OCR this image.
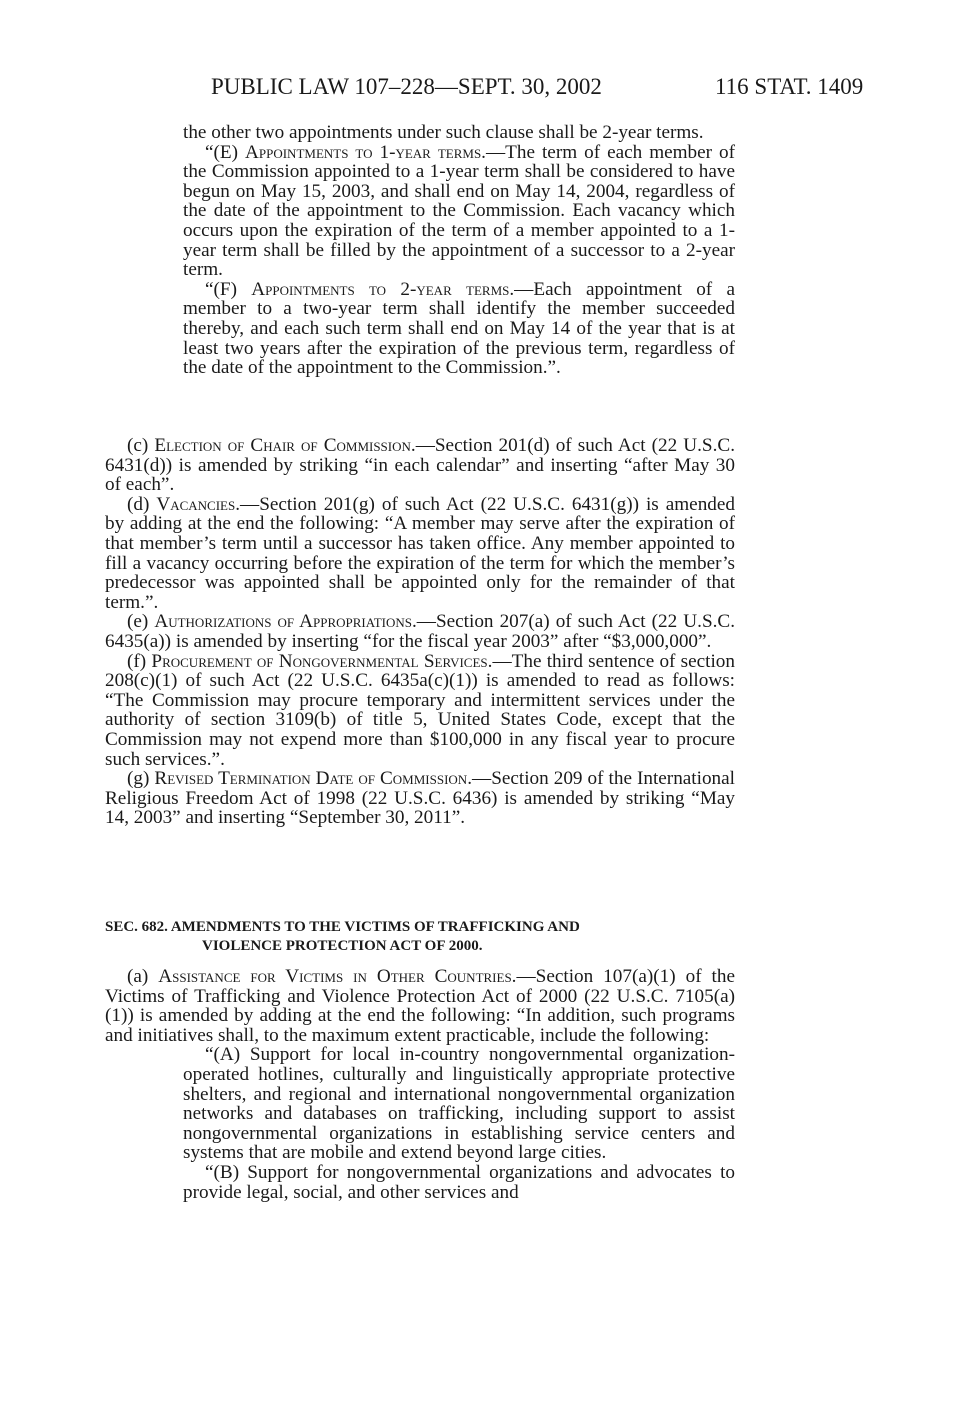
PUBLIC LAW 107–228—SEPT. 30, 2002	116 STAT. 1409

the other two appointments under such clause shall be 2-year terms.

“(E) Appointments to 1-year terms.—The term of each member of the Commission appointed to a 1-year term shall be considered to have begun on May 15, 2003, and shall end on May 14, 2004, regardless of the date of the appointment to the Commission. Each vacancy which occurs upon the expiration of the term of a member appointed to a 1-year term shall be filled by the appointment of a successor to a 2-year term.

“(F) Appointments to 2-year terms.—Each appointment of a member to a two-year term shall identify the member succeeded thereby, and each such term shall end on May 14 of the year that is at least two years after the expiration of the previous term, regardless of the date of the appointment to the Commission.”.

(c) Election of Chair of Commission.—Section 201(d) of such Act (22 U.S.C. 6431(d)) is amended by striking “in each calendar” and inserting “after May 30 of each”.

(d) Vacancies.—Section 201(g) of such Act (22 U.S.C. 6431(g)) is amended by adding at the end the following: “A member may serve after the expiration of that member’s term until a successor has taken office. Any member appointed to fill a vacancy occurring before the expiration of the term for which the member’s predecessor was appointed shall be appointed only for the remainder of that term.”.

(e) Authorizations of Appropriations.—Section 207(a) of such Act (22 U.S.C. 6435(a)) is amended by inserting “for the fiscal year 2003” after “$3,000,000”.

(f) Procurement of Nongovernmental Services.—The third sentence of section 208(c)(1) of such Act (22 U.S.C. 6435a(c)(1)) is amended to read as follows: “The Commission may procure temporary and intermittent services under the authority of section 3109(b) of title 5, United States Code, except that the Commission may not expend more than $100,000 in any fiscal year to procure such services.”.

(g) Revised Termination Date of Commission.—Section 209 of the International Religious Freedom Act of 1998 (22 U.S.C. 6436) is amended by striking “May 14, 2003” and inserting “September 30, 2011”.

SEC. 682. AMENDMENTS TO THE VICTIMS OF TRAFFICKING AND
VIOLENCE PROTECTION ACT OF 2000.

(a) Assistance for Victims in Other Countries.—Section 107(a)(1) of the Victims of Trafficking and Violence Protection Act of 2000 (22 U.S.C. 7105(a)(1)) is amended by adding at the end the following: “In addition, such programs and initiatives shall, to the maximum extent practicable, include the following:

“(A) Support for local in-country nongovernmental organization-operated hotlines, culturally and linguistically appropriate protective shelters, and regional and international nongovernmental organization networks and databases on trafficking, including support to assist nongovernmental organizations in establishing service centers and systems that are mobile and extend beyond large cities.

“(B) Support for nongovernmental organizations and advocates to provide legal, social, and other services and
